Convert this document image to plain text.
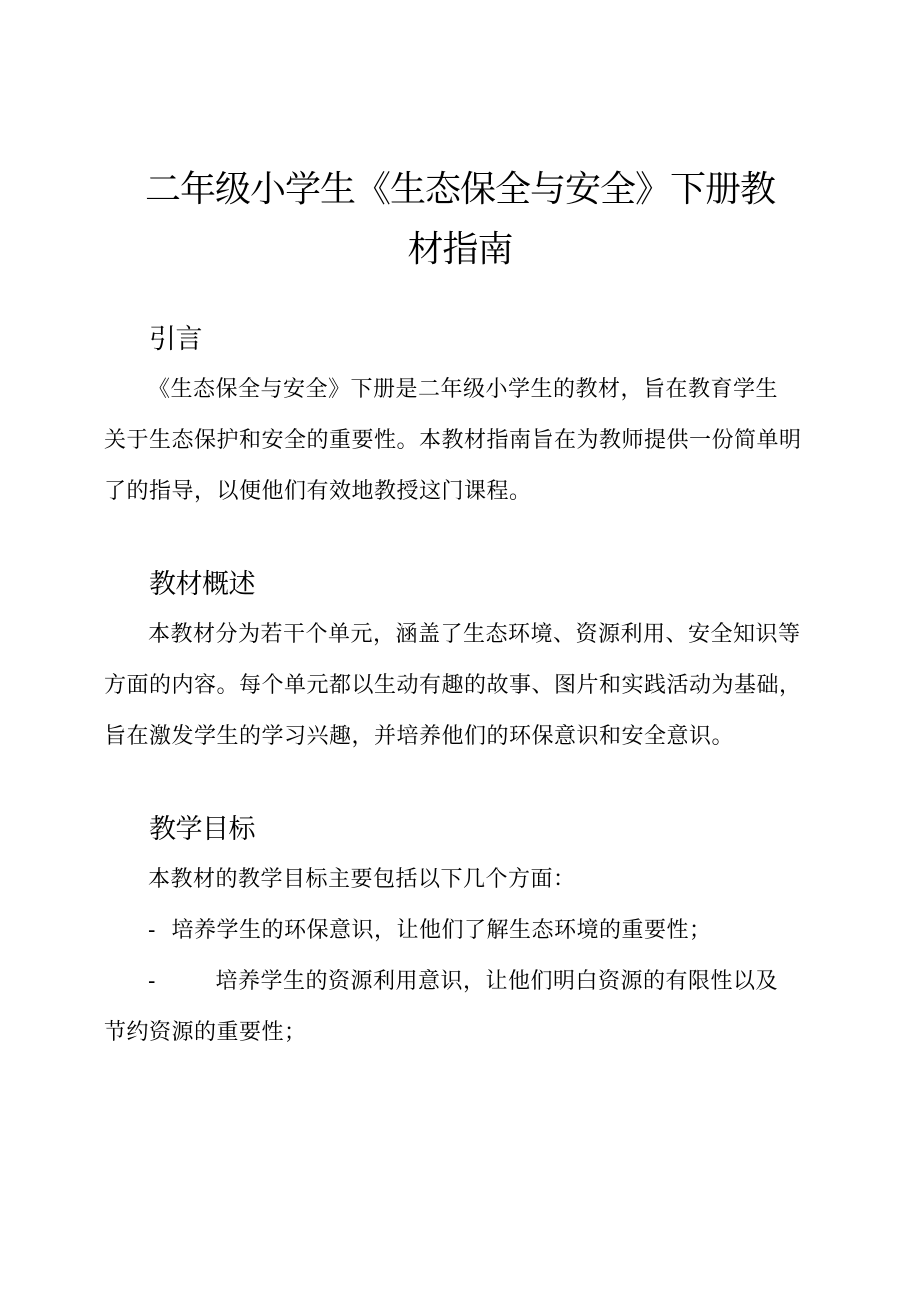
二年级小学生《生态保全与安全》下册教
材指南
引言
《生态保全与安全》下册是二年级小学生的教材，旨在教育学生
关于生态保护和安全的重要性。本教材指南旨在为教师提供一份简单明
了的指导，以便他们有效地教授这门课程。
教材概述
本教材分为若干个单元，涵盖了生态环境、资源利用、安全知识等
方面的内容。每个单元都以生动有趣的故事、图片和实践活动为基础，
旨在激发学生的学习兴趣，并培养他们的环保意识和安全意识。
教学目标
本教材的教学目标主要包括以下几个方面：
- 培养学生的环保意识，让他们了解生态环境的重要性；
-	培养学生的资源利用意识，让他们明白资源的有限性以及
节约资源的重要性；
